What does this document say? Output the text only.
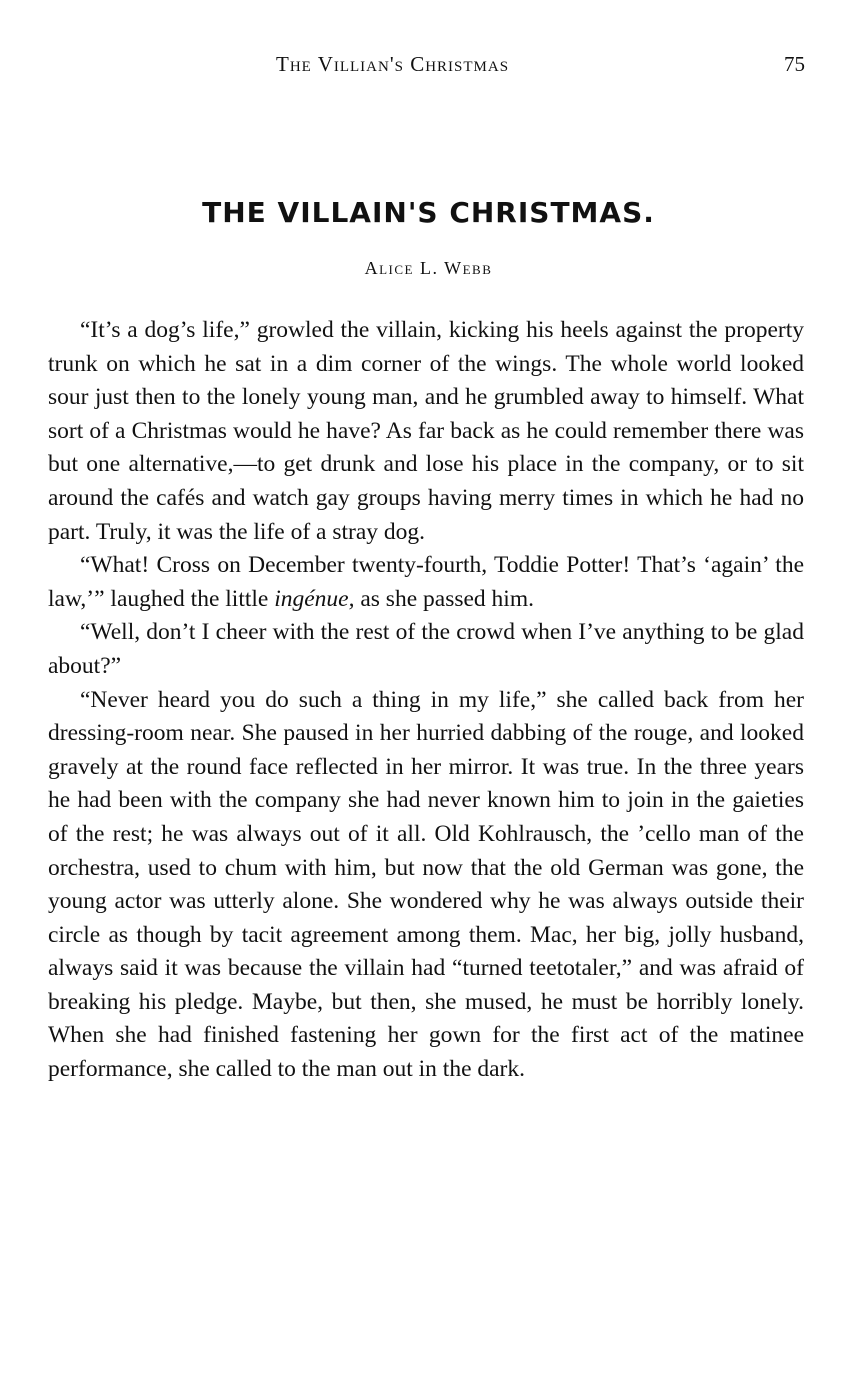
The Villian's Christmas	75
THE VILLAIN'S CHRISTMAS.
Alice L. Webb

“It’s a dog’s life,” growled the villain, kicking his heels against the property trunk on which he sat in a dim corner of the wings. The whole world looked sour just then to the lonely young man, and he grumbled away to himself. What sort of a Christmas would he have? As far back as he could remember there was but one alternative,—to get drunk and lose his place in the company, or to sit around the cafés and watch gay groups having merry times in which he had no part. Truly, it was the life of a stray dog.

“What! Cross on December twenty-fourth, Toddie Potter! That’s ‘again’ the law,’” laughed the little ingénue, as she passed him.

“Well, don’t I cheer with the rest of the crowd when I’ve anything to be glad about?”

“Never heard you do such a thing in my life,” she called back from her dressing-room near. She paused in her hurried dabbing of the rouge, and looked gravely at the round face reflected in her mirror. It was true. In the three years he had been with the company she had never known him to join in the gaieties of the rest; he was always out of it all. Old Kohlrausch, the ’cello man of the orchestra, used to chum with him, but now that the old German was gone, the young actor was utterly alone. She wondered why he was always outside their circle as though by tacit agreement among them. Mac, her big, jolly husband, always said it was because the villain had “turned teetotaler,” and was afraid of breaking his pledge. Maybe, but then, she mused, he must be horribly lonely. When she had finished fastening her gown for the first act of the matinee performance, she called to the man out in the dark.
